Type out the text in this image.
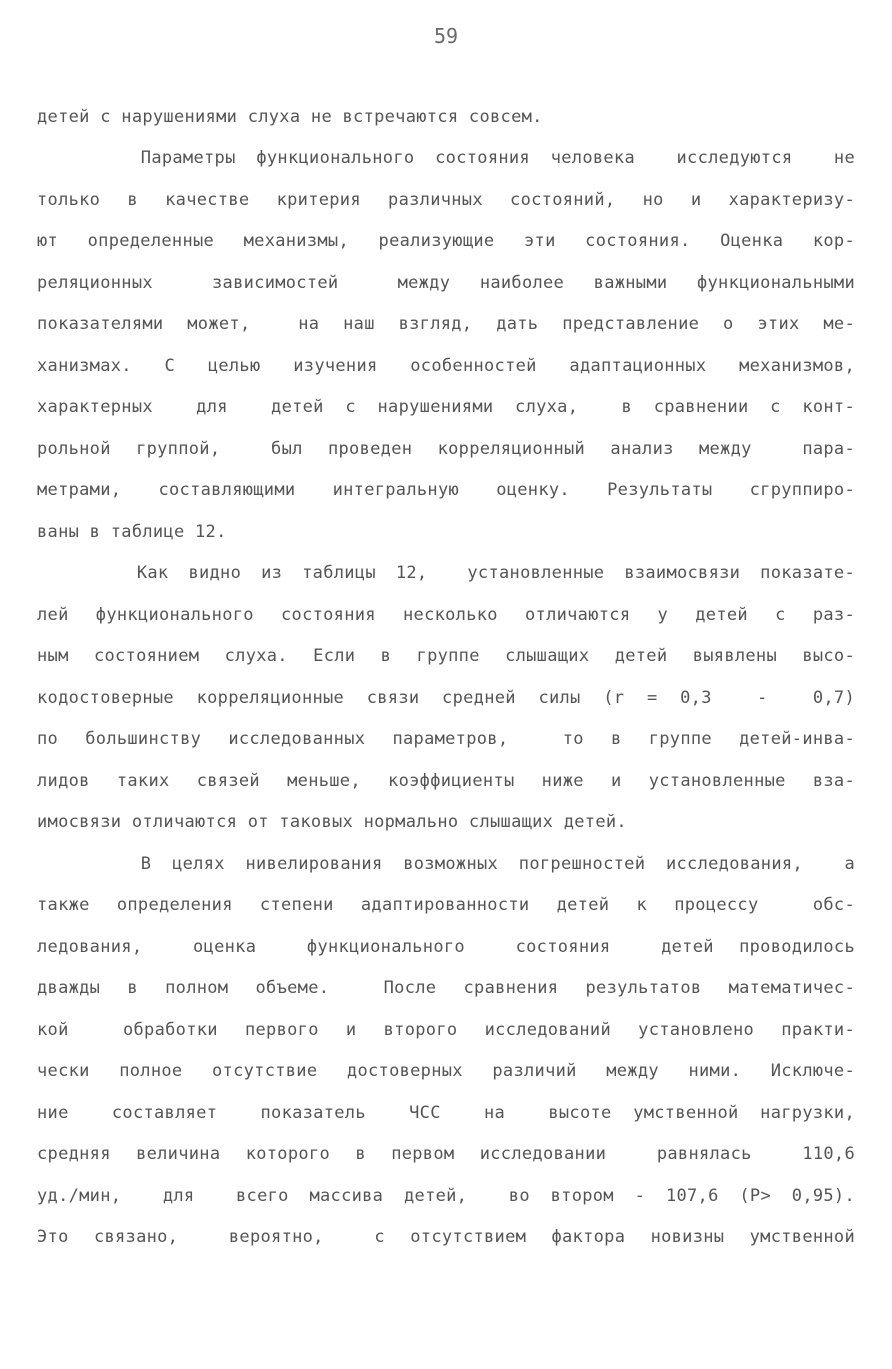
59
детей с нарушениями слуха не встречаются совсем.
Параметры функционального состояния человека  исследуются  не
только в качестве критерия различных состояний, но и характеризу-
ют определенные механизмы, реализующие эти состояния. Оценка кор-
реляционных  зависимостей  между наиболее важными функциональными
показателями может,  на наш взгляд, дать представление о этих ме-
ханизмах. С целью изучения особенностей адаптационных механизмов,
характерных  для  детей с нарушениями слуха,  в сравнении с конт-
рольной группой,  был проведен корреляционный анализ между  пара-
метрами, составляющими интегральную оценку. Результаты сгруппиро-
ваны в таблице 12.
Как видно из таблицы 12,  установленные взаимосвязи показате-
лей функционального состояния несколько отличаются у детей с раз-
ным состоянием слуха. Если в группе слышащих детей выявлены высо-
кодостоверные корреляционные связи средней силы (r = 0,3  -  0,7)
по большинству исследованных параметров,  то в группе детей-инва-
лидов таких связей меньше, коэффициенты ниже и установленные вза-
имосвязи отличаются от таковых нормально слышащих детей.
В целях нивелирования возможных погрешностей исследования,  а
также определения степени адаптированности детей к процессу  обс-
ледования,  оценка  функционального  состояния  детей проводилось
дважды в полном объеме.  После сравнения результатов математичес-
кой  обработки первого и второго исследований установлено практи-
чески полное отсутствие достоверных различий между ними. Исключе-
ние  составляет  показатель  ЧСС  на  высоте умственной нагрузки,
средняя величина которого в первом исследовании  равнялась  110,6
уд./мин,  для  всего массива детей,  во втором - 107,6 (P> 0,95).
Это связано,  вероятно,  с отсутствием фактора новизны умственной
